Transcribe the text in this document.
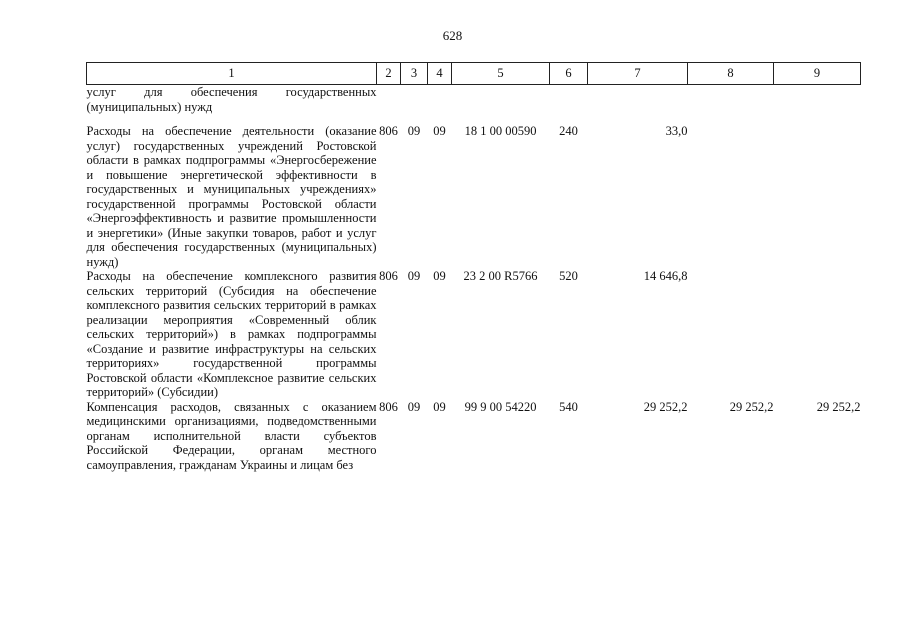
628
1	2	3	4	5	6	7	8	9
услуг для обеспечения государственных (муниципальных) нужд								
Расходы на обеспечение деятельности (оказание услуг) государственных учреждений Ростовской области в рамках подпрограммы «Энергосбережение и повышение энергетической эффективности в государственных и муниципальных учреждениях» государственной программы Ростовской области «Энергоэффективность и развитие промышленности и энергетики» (Иные закупки товаров, работ и услуг для обеспечения государственных (муниципальных) нужд)	806	09	09	18 1 00 00590	240	33,0		
Расходы на обеспечение комплексного развития сельских территорий (Субсидия на обеспечение комплексного развития сельских территорий в рамках реализации мероприятия «Современный облик сельских территорий») в рамках подпрограммы «Создание и развитие инфраструктуры на сельских территориях» государственной программы Ростовской области «Комплексное развитие сельских территорий» (Субсидии)	806	09	09	23 2 00 R5766	520	14 646,8		
Компенсация расходов, связанных с оказанием медицинскими организациями, подведомственными органам исполнительной власти субъектов Российской Федерации, органам местного самоуправления, гражданам Украины и лицам без	806	09	09	99 9 00 54220	540	29 252,2	29 252,2	29 252,2
